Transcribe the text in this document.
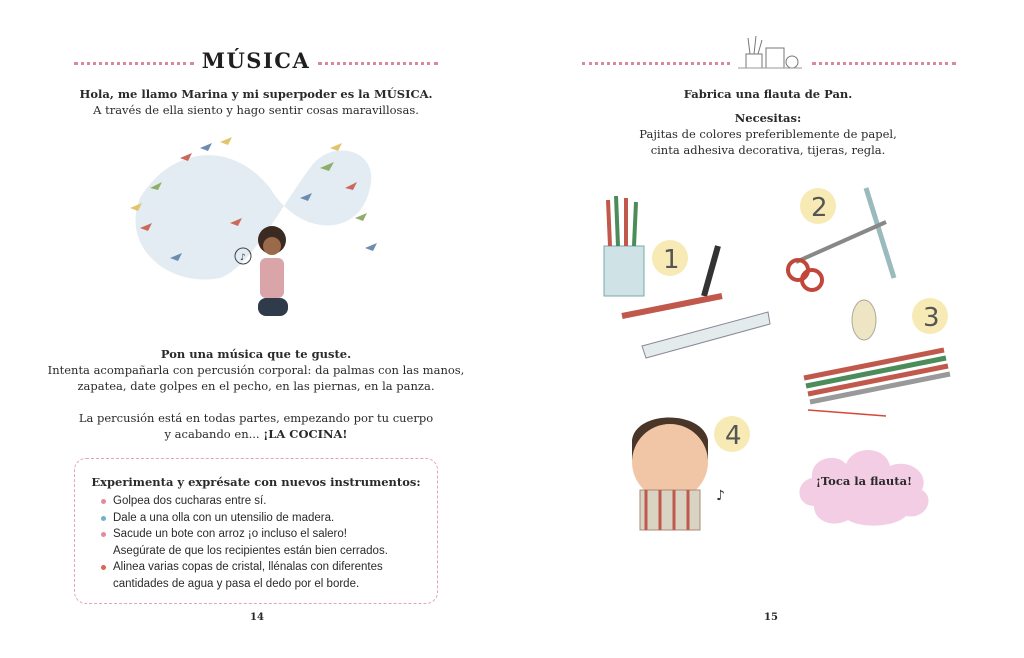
MÚSICA
Hola, me llamo Marina y mi superpoder es la MÚSICA.
A través de ella siento y hago sentir cosas maravillosas.
♪
Pon una música que te guste.
Intenta acompañarla con percusión corporal: da palmas con las manos,
zapatea, date golpes en el pecho, en las piernas, en la panza.
La percusión está en todas partes, empezando por tu cuerpo
y acabando en... ¡LA COCINA!
Experimenta y exprésate con nuevos instrumentos:
Golpea dos cucharas entre sí.
Dale a una olla con un utensilio de madera.
Sacude un bote con arroz ¡o incluso el salero!
Asegúrate de que los recipientes están bien cerrados.
Alinea varias copas de cristal, llénalas con diferentes
cantidades de agua y pasa el dedo por el borde.
14
Fabrica una flauta de Pan.
Necesitas:
Pajitas de colores preferiblemente de papel,
cinta adhesiva decorativa, tijeras, regla.
1
2
3
4
♪
¡Toca la flauta!
15
